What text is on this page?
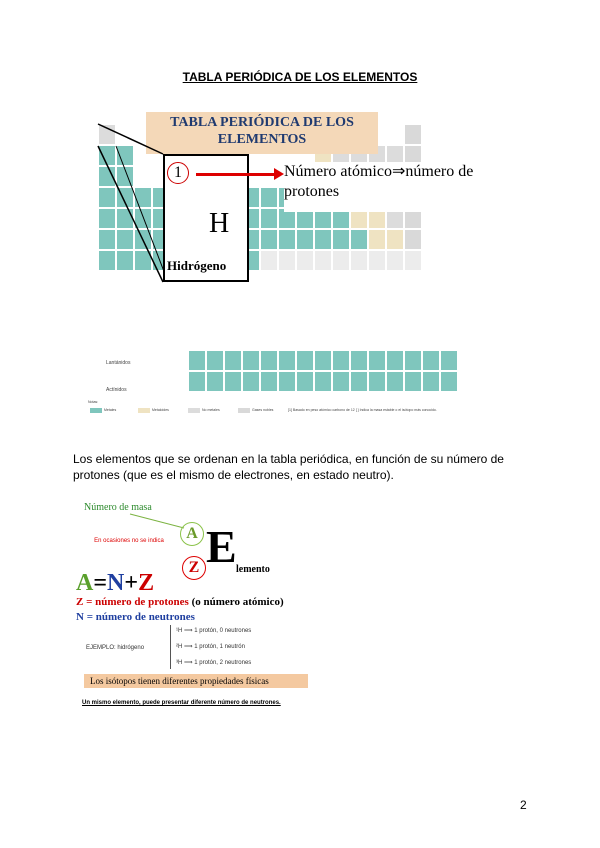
TABLA PERIÓDICA DE LOS ELEMENTOS
TABLA PERIÓDICA DE LOS ELEMENTOS
1
H
Hidrógeno
Número atómico⇒número de protones
Lantánidos
Actínidos
Notas:
Metales	Metaloides	No metales	Gases nobles	[1] Basado en peso atómico carbono de 12 [ ] Indica la masa estable o el isótopo más conocido.
Los elementos que se ordenan en la tabla periódica, en función de su número de protones (que es el mismo de electrones, en estado neutro).
Número de masa
En ocasiones no se indica	A
Z E lemento
A=N+Z
Z = número de protones (o número atómico)
N = número de neutrones
EJEMPLO: hidrógeno
¹H ⟹ 1 protón, 0 neutrones
²H ⟹ 1 protón, 1 neutrón
³H ⟹ 1 protón, 2 neutrones
Los isótopos tienen diferentes propiedades físicas
Un mismo elemento, puede presentar diferente número de neutrones.
2
